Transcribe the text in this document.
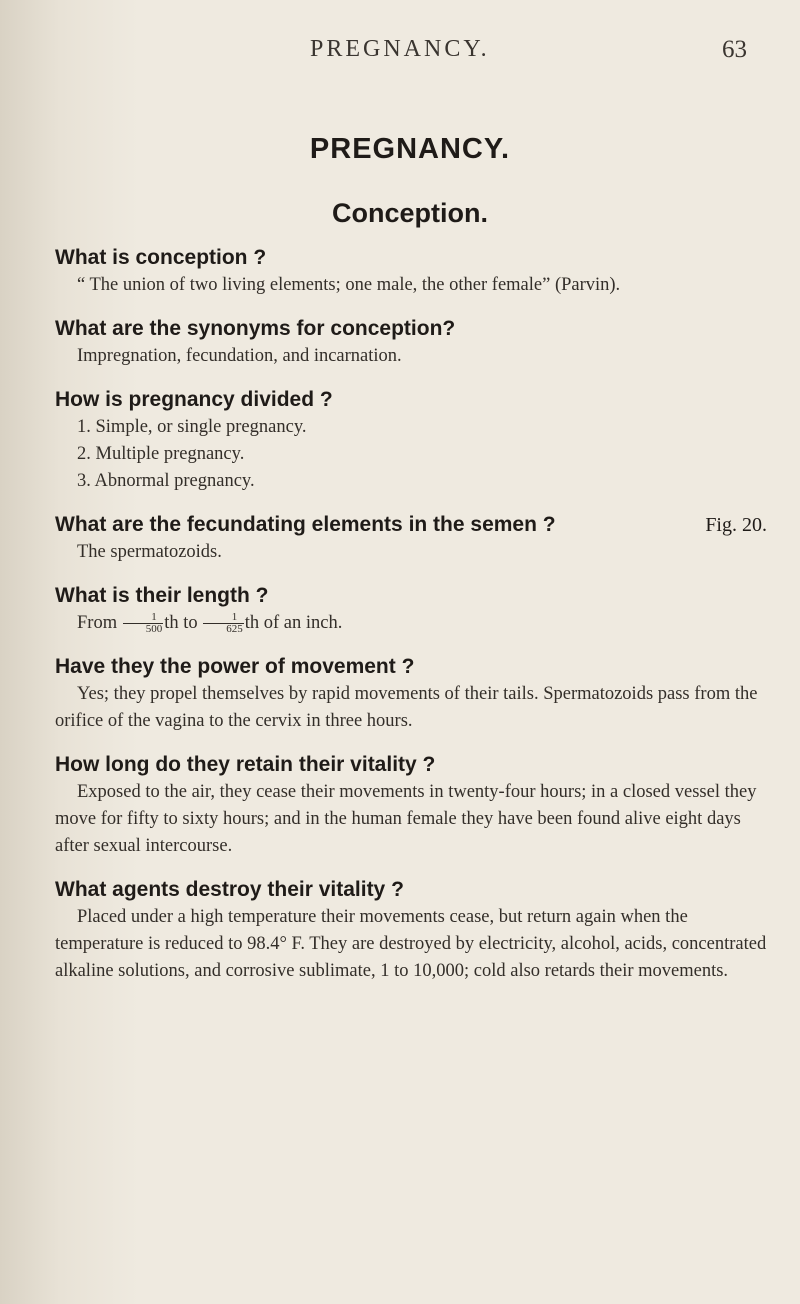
PREGNANCY.	63
PREGNANCY.
Conception.

What is conception ?

“ The union of two living elements; one male, the other female” (Parvin).

What are the synonyms for conception?

Impregnation, fecundation, and incarnation.

How is pregnancy divided ?

1. Simple, or single pregnancy.
2. Multiple pregnancy.
3. Abnormal pregnancy.

What are the fecundating elements in the semen ?	Fig. 20.

The spermatozoids.

What is their length ?

From $\frac{1}{500}$ th to $\frac{1}{625}$ th of an inch.

Have they the power of movement ?

Yes; they propel themselves by rapid movements of their tails. Spermatozoids pass from the orifice of the vagina to the cervix in three hours.

How long do they retain their vitality ?

Exposed to the air, they cease their movements in twenty-four hours; in a closed vessel they move for fifty to sixty hours; and in the human female they have been found alive eight days after sexual intercourse.

What agents destroy their vitality ?

Placed under a high temperature their movements cease, but return again when the temperature is reduced to 98.4° F. They are destroyed by electricity, alcohol, acids, concentrated alkaline solutions, and corrosive sublimate, 1 to 10,000; cold also retards their movements.
